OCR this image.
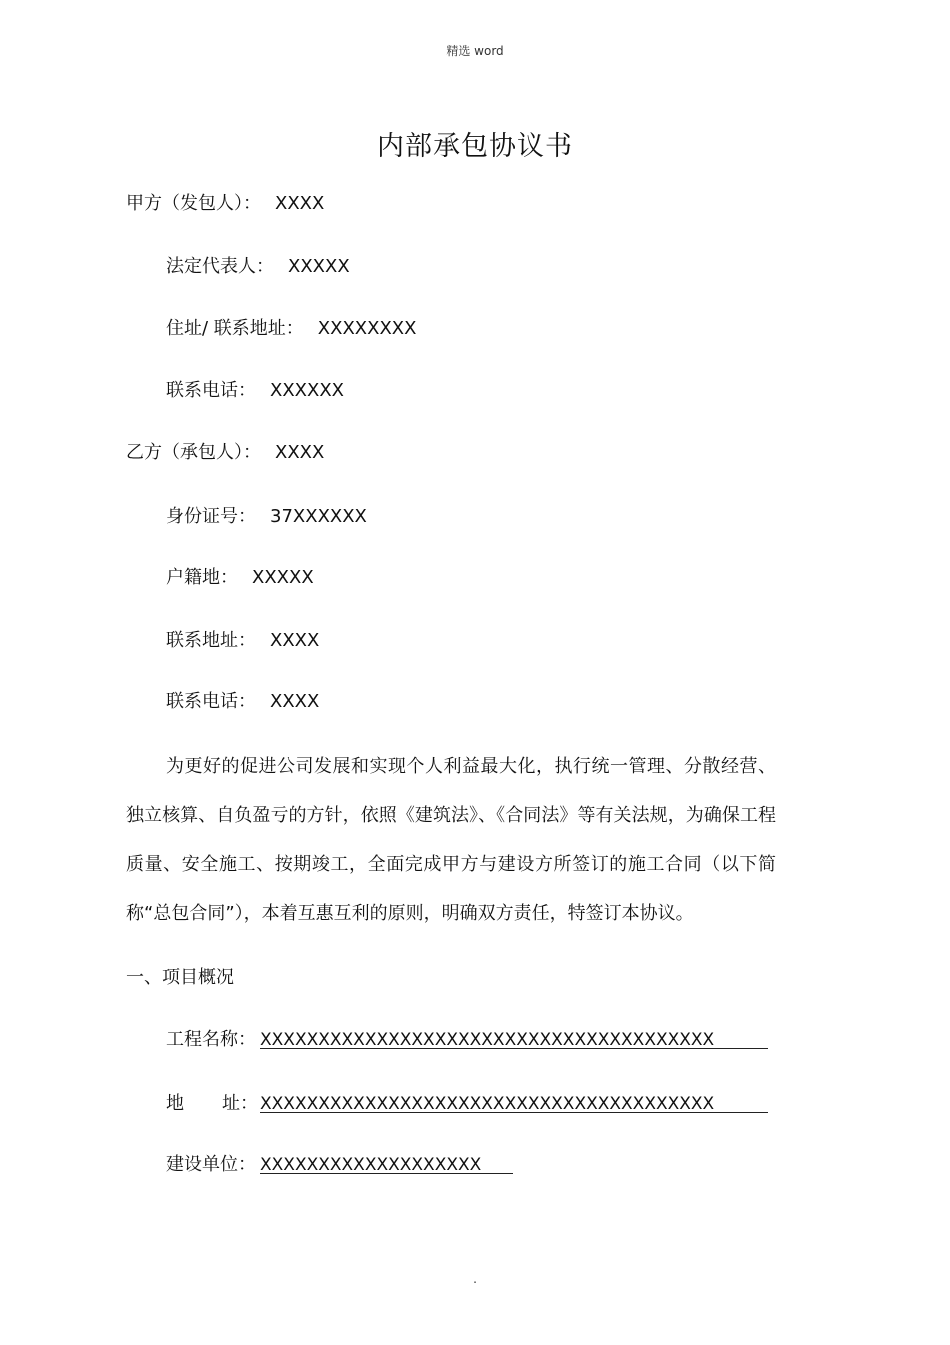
精选 word
内部承包协议书
甲方（发包人）： XXXX
法定代表人： XXXXX
住址/ 联系地址： XXXXXXXX
联系电话： XXXXXX
乙方（承包人）： XXXX
身份证号： 37XXXXXX
户籍地： XXXXX
联系地址： XXXX
联系电话： XXXX
为更好的促进公司发展和实现个人利益最大化，执行统一管理、分散经营、独立核算、自负盈亏的方针，依照《建筑法》、《合同法》等有关法规，为确保工程质量、安全施工、按期竣工，全面完成甲方与建设方所签订的施工合同（以下简称“总包合同”），本着互惠互利的原则，明确双方责任，特签订本协议。
一、项目概况
工程名称： XXXXXXXXXXXXXXXXXXXXXXXXXXXXXXXXXXXXXXX
地 址： XXXXXXXXXXXXXXXXXXXXXXXXXXXXXXXXXXXXXXX
建设单位： XXXXXXXXXXXXXXXXXXX
.
